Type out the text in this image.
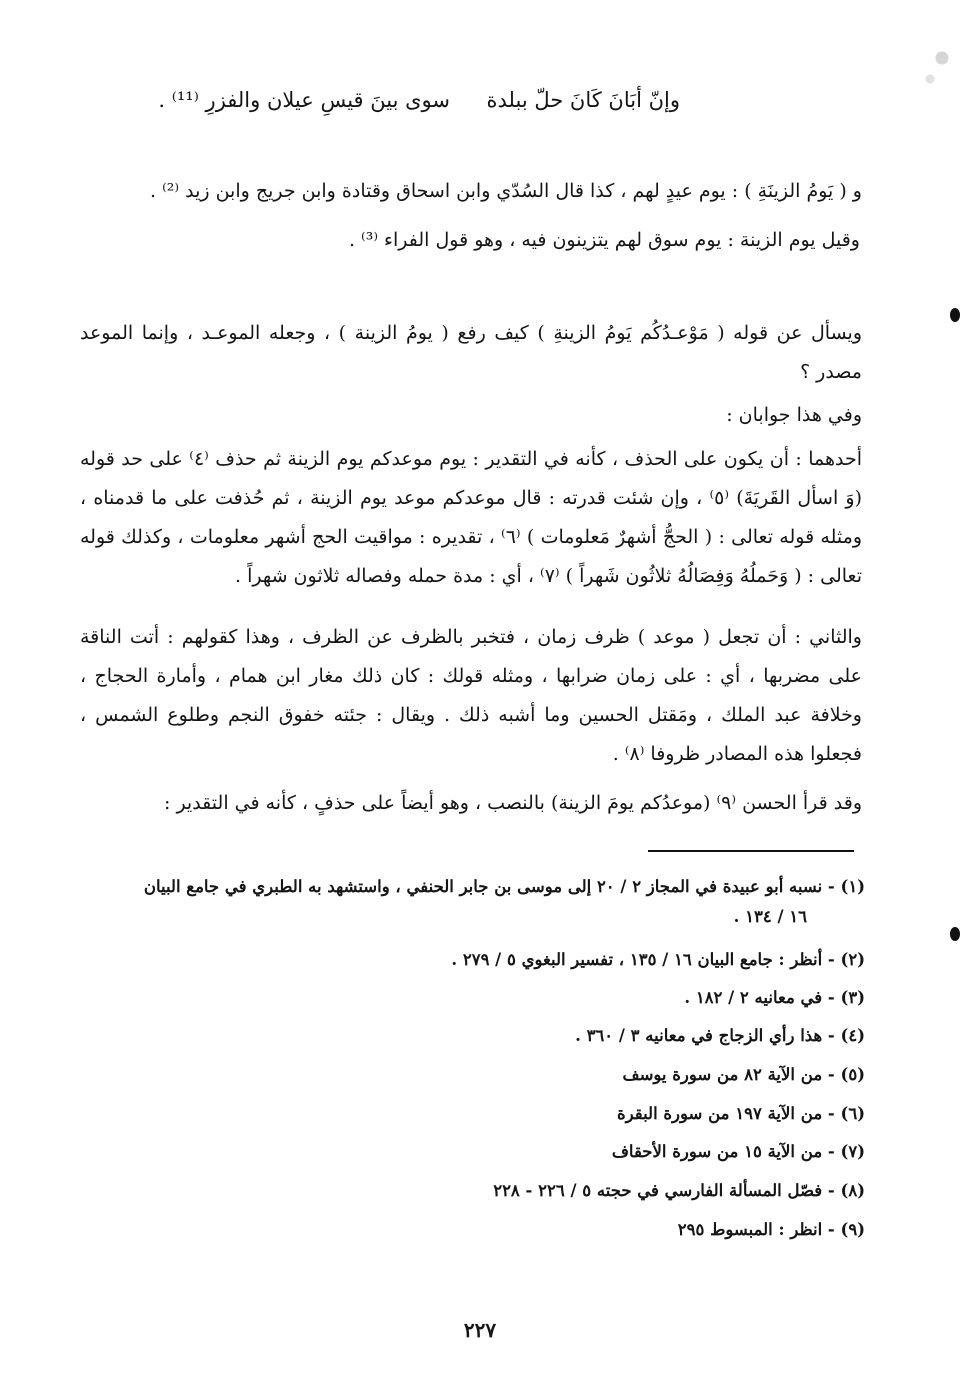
وإنّ أبَانَ كَانَ حلّ ببلدة
سوى بينَ قيسِ عيلان والفزرِ ⁽¹¹⁾ .
و ( يَومُ الزينَةِ ) : يوم عيدٍ لهم ، كذا قال السُدّي وابن اسحاق وقتادة وابن جريج وابن زيد ⁽²⁾ .
وقيل يوم الزينة : يوم سوق لهم يتزينون فيه ، وهو قول الفراء ⁽³⁾ .
ويسأل عن قوله ( مَوْعـدُكُم يَومُ الزينةِ ) كيف رفع ( يومُ الزينة ) ، وجعله الموعـد ، وإنما الموعد مصدر ؟
وفي هذا جوابان :
أحدهما : أن يكون على الحذف ، كأنه في التقدير : يوم موعدكم يوم الزينة ثم حذف ⁽٤⁾ على حد قوله (وَ اسأل القَريَةَ) ⁽٥⁾ ، وإن شئت قدرته : قال موعدكم موعد يوم الزينة ، ثم حُذفت على ما قدمناه ، ومثله قوله تعالى : ( الحجُّ أشهرٌ مَعلومات ) ⁽٦⁾ ، تقديره : مواقيت الحج أشهر معلومات ، وكذلك قوله تعالى : ( وَحَملُهُ وَفِصَالُهُ ثلاثُون شَهراً ) ⁽٧⁾ ، أي : مدة حمله وفصاله ثلاثون شهراً .
والثاني : أن تجعل ( موعد ) ظرف زمان ، فتخبر بالظرف عن الظرف ، وهذا كقولهم : أتت الناقة على مضربها ، أي : على زمان ضرابها ، ومثله قولك : كان ذلك مغار ابن همام ، وأمارة الحجاج ، وخلافة عبد الملك ، ومَقتل الحسين وما أشبه ذلك . ويقال : جئته خفوق النجم وطلوع الشمس ، فجعلوا هذه المصادر ظروفا ⁽٨⁾ .
وقد قرأ الحسن ⁽٩⁾ (موعدُكم يومَ الزينة) بالنصب ، وهو أيضاً على حذفٍ ، كأنه في التقدير :
(١) - نسبه أبو عبيدة في المجاز ٢ / ٢٠ إلى موسى بن جابر الحنفي ، واستشهد به الطبري في جامع البيان
١٦ / ١٣٤ .
(٢) - أنظر : جامع البيان ١٦ / ١٣٥ ، تفسير البغوي ٥ / ٢٧٩ .
(٣) - في معانيه ٢ / ١٨٢ .
(٤) - هذا رأي الزجاج في معانيه ٣ / ٣٦٠ .
(٥) - من الآية ٨٢ من سورة يوسف
(٦) - من الآية ١٩٧ من سورة البقرة
(٧) - من الآية ١٥ من سورة الأحقاف
(٨) - فصّل المسألة الفارسي في حجته ٥ / ٢٢٦ - ٢٢٨
(٩) - انظر : المبسوط ٢٩٥
٢٢٧
